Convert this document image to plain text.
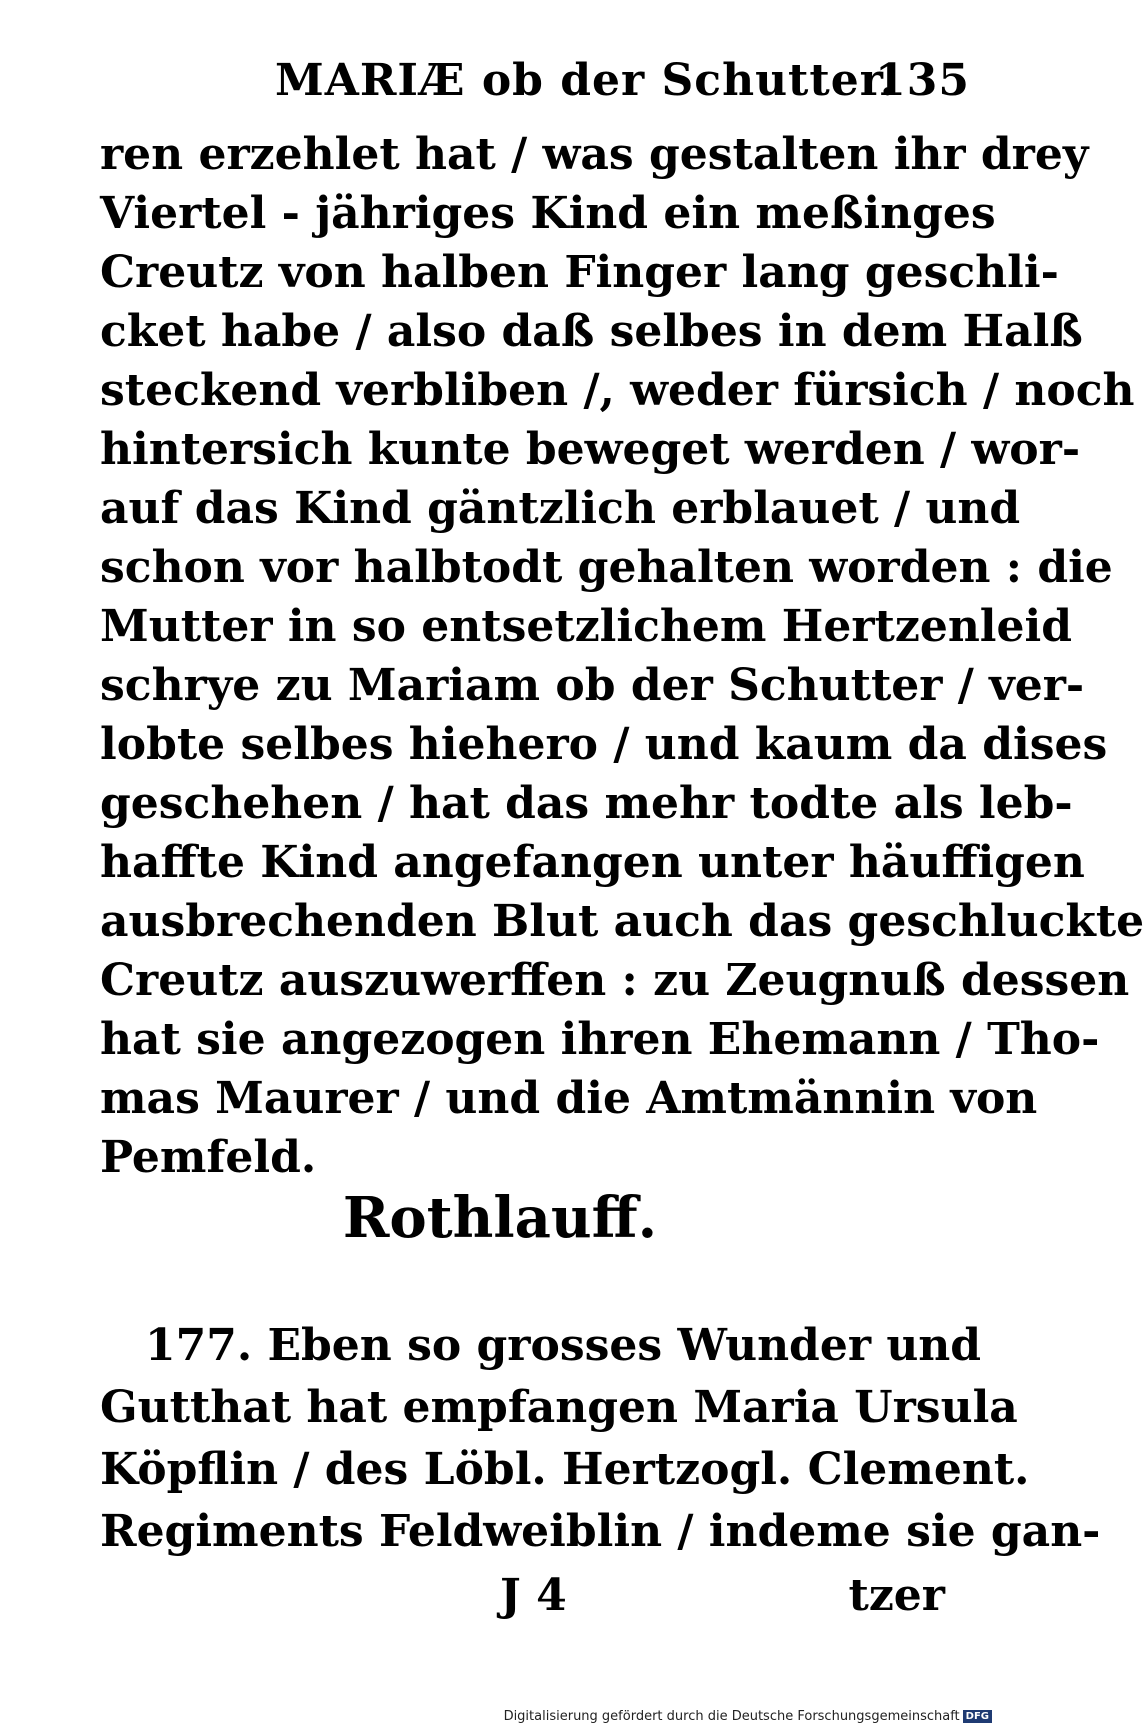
MARIÆ ob der Schutter.
135
ren erzehlet hat / was gestalten ihr drey
Viertel - jähriges Kind ein meßinges
Creutz von halben Finger lang geschli-
cket habe / also daß selbes in dem Halß
steckend verbliben /, weder fürsich / noch
hintersich kunte beweget werden / wor-
auf das Kind gäntzlich erblauet / und
schon vor halbtodt gehalten worden : die
Mutter in so entsetzlichem Hertzenleid
schrye zu Mariam ob der Schutter / ver-
lobte selbes hiehero / und kaum da dises
geschehen / hat das mehr todte als leb-
haffte Kind angefangen unter häuffigen
ausbrechenden Blut auch das geschluckte
Creutz auszuwerffen : zu Zeugnuß dessen
hat sie angezogen ihren Ehemann / Tho-
mas Maurer / und die Amtmännin von
Pemfeld.
Rothlauff.
177. Eben so grosses Wunder und
Gutthat hat empfangen Maria Ursula
Köpflin / des Löbl. Hertzogl. Clement.
Regiments Feldweiblin / indeme sie gan-
J 4	tzer
Digitalisierung gefördert durch die Deutsche Forschungsgemeinschaft DFG
